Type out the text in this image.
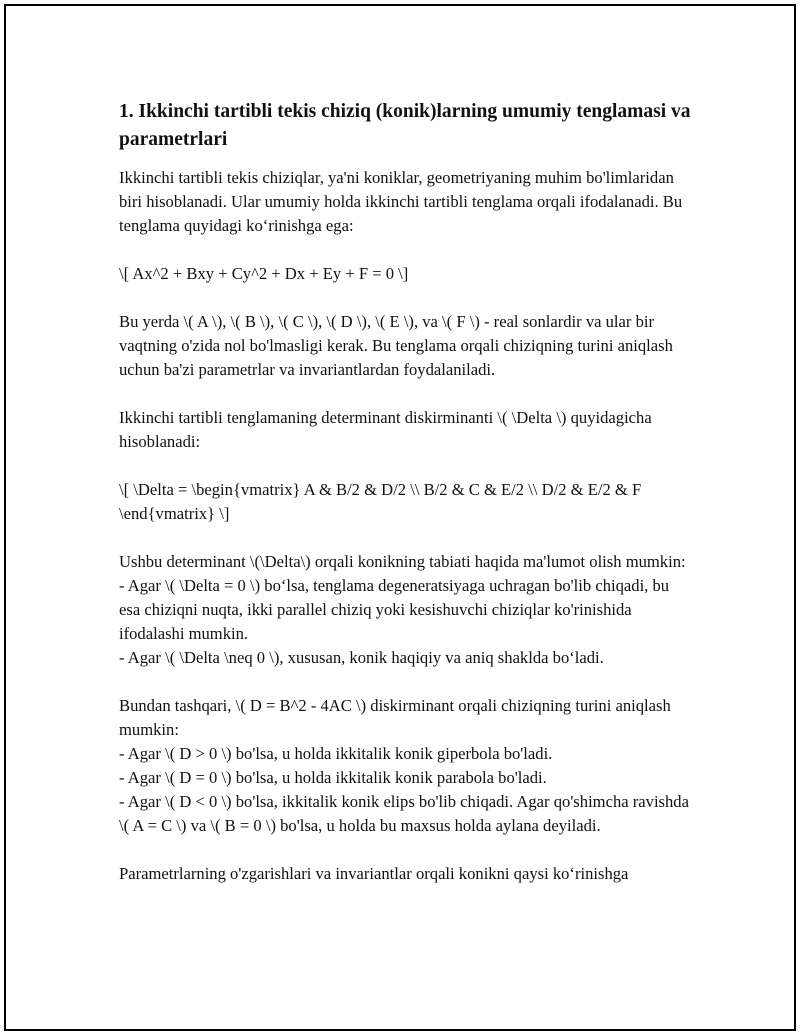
1. Ikkinchi tartibli tekis chiziq (konik)larning umumiy tenglamasi va parametrlari

Ikkinchi tartibli tekis chiziqlar, ya'ni koniklar, geometriyaning muhim bo'limlaridan biri hisoblanadi. Ular umumiy holda ikkinchi tartibli tenglama orqali ifodalanadi. Bu tenglama quyidagi ko‘rinishga ega:

\[ Ax^2 + Bxy + Cy^2 + Dx + Ey + F = 0 \]

Bu yerda \( A \), \( B \), \( C \), \( D \), \( E \), va \( F \) - real sonlardir va ular bir vaqtning o'zida nol bo'lmasligi kerak. Bu tenglama orqali chiziqning turini aniqlash uchun ba'zi parametrlar va invariantlardan foydalaniladi.

Ikkinchi tartibli tenglamaning determinant diskirminanti \( \Delta \) quyidagicha hisoblanadi:

\[ \Delta = \begin{vmatrix} A & B/2 & D/2 \\ B/2 & C & E/2 \\ D/2 & E/2 & F \end{vmatrix} \]

Ushbu determinant \(\Delta\) orqali konikning tabiati haqida ma'lumot olish mumkin:
- Agar \( \Delta = 0 \) bo‘lsa, tenglama degeneratsiyaga uchragan bo'lib chiqadi, bu esa chiziqni nuqta, ikki parallel chiziq yoki kesishuvchi chiziqlar ko'rinishida ifodalashi mumkin.
- Agar \( \Delta \neq 0 \), xususan, konik haqiqiy va aniq shaklda bo‘ladi.

Bundan tashqari, \( D = B^2 - 4AC \) diskirminant orqali chiziqning turini aniqlash mumkin:
- Agar \( D > 0 \) bo'lsa, u holda ikkitalik konik giperbola bo'ladi.
- Agar \( D = 0 \) bo'lsa, u holda ikkitalik konik parabola bo'ladi.
- Agar \( D < 0 \) bo'lsa, ikkitalik konik elips bo'lib chiqadi. Agar qo'shimcha ravishda \( A = C \) va \( B = 0 \) bo'lsa, u holda bu maxsus holda aylana deyiladi.

Parametrlarning o'zgarishlari va invariantlar orqali konikni qaysi ko‘rinishga
